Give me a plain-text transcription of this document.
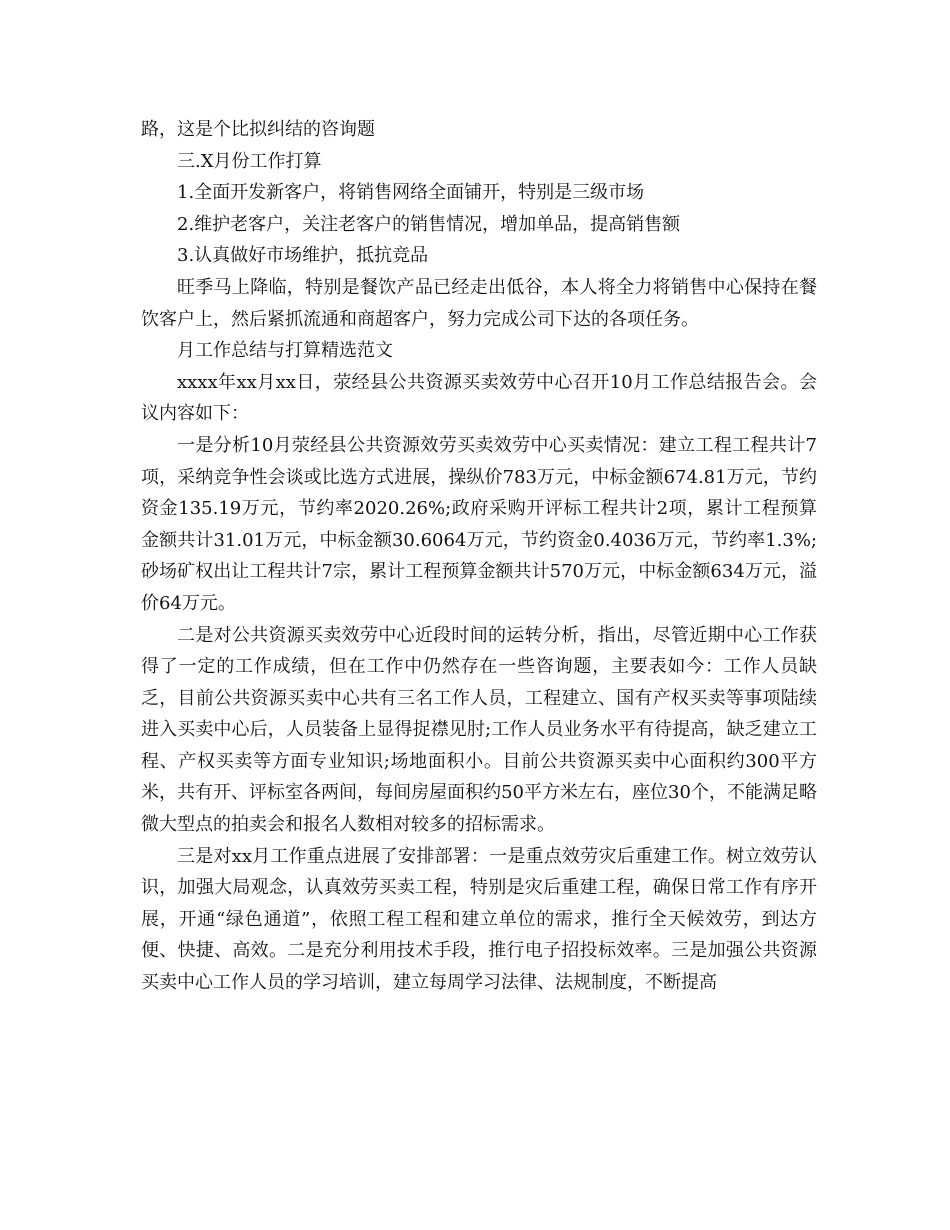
路，这是个比拟纠结的咨询题

三.X月份工作打算

1.全面开发新客户，将销售网络全面铺开，特别是三级市场

2.维护老客户，关注老客户的销售情况，增加单品，提高销售额

3.认真做好市场维护，抵抗竞品

旺季马上降临，特别是餐饮产品已经走出低谷，本人将全力将销售中心保持在餐饮客户上，然后紧抓流通和商超客户，努力完成公司下达的各项任务。

月工作总结与打算精选范文

xxxx年xx月xx日，荥经县公共资源买卖效劳中心召开10月工作总结报告会。会议内容如下：

一是分析10月荥经县公共资源效劳买卖效劳中心买卖情况：建立工程工程共计7项，采纳竞争性会谈或比选方式进展，操纵价783万元，中标金额674.81万元，节约资金135.19万元，节约率2020.26%;政府采购开评标工程共计2项，累计工程预算金额共计31.01万元，中标金额30.6064万元，节约资金0.4036万元，节约率1.3%;砂场矿权出让工程共计7宗，累计工程预算金额共计570万元，中标金额634万元，溢价64万元。

二是对公共资源买卖效劳中心近段时间的运转分析，指出，尽管近期中心工作获得了一定的工作成绩，但在工作中仍然存在一些咨询题，主要表如今：工作人员缺乏，目前公共资源买卖中心共有三名工作人员，工程建立、国有产权买卖等事项陆续进入买卖中心后，人员装备上显得捉襟见肘;工作人员业务水平有待提高，缺乏建立工程、产权买卖等方面专业知识;场地面积小。目前公共资源买卖中心面积约300平方米，共有开、评标室各两间，每间房屋面积约50平方米左右，座位30个，不能满足略微大型点的拍卖会和报名人数相对较多的招标需求。

三是对xx月工作重点进展了安排部署：一是重点效劳灾后重建工作。树立效劳认识，加强大局观念，认真效劳买卖工程，特别是灾后重建工程，确保日常工作有序开展，开通“绿色通道”，依照工程工程和建立单位的需求，推行全天候效劳，到达方便、快捷、高效。二是充分利用技术手段，推行电子招投标效率。三是加强公共资源买卖中心工作人员的学习培训，建立每周学习法律、法规制度，不断提高
